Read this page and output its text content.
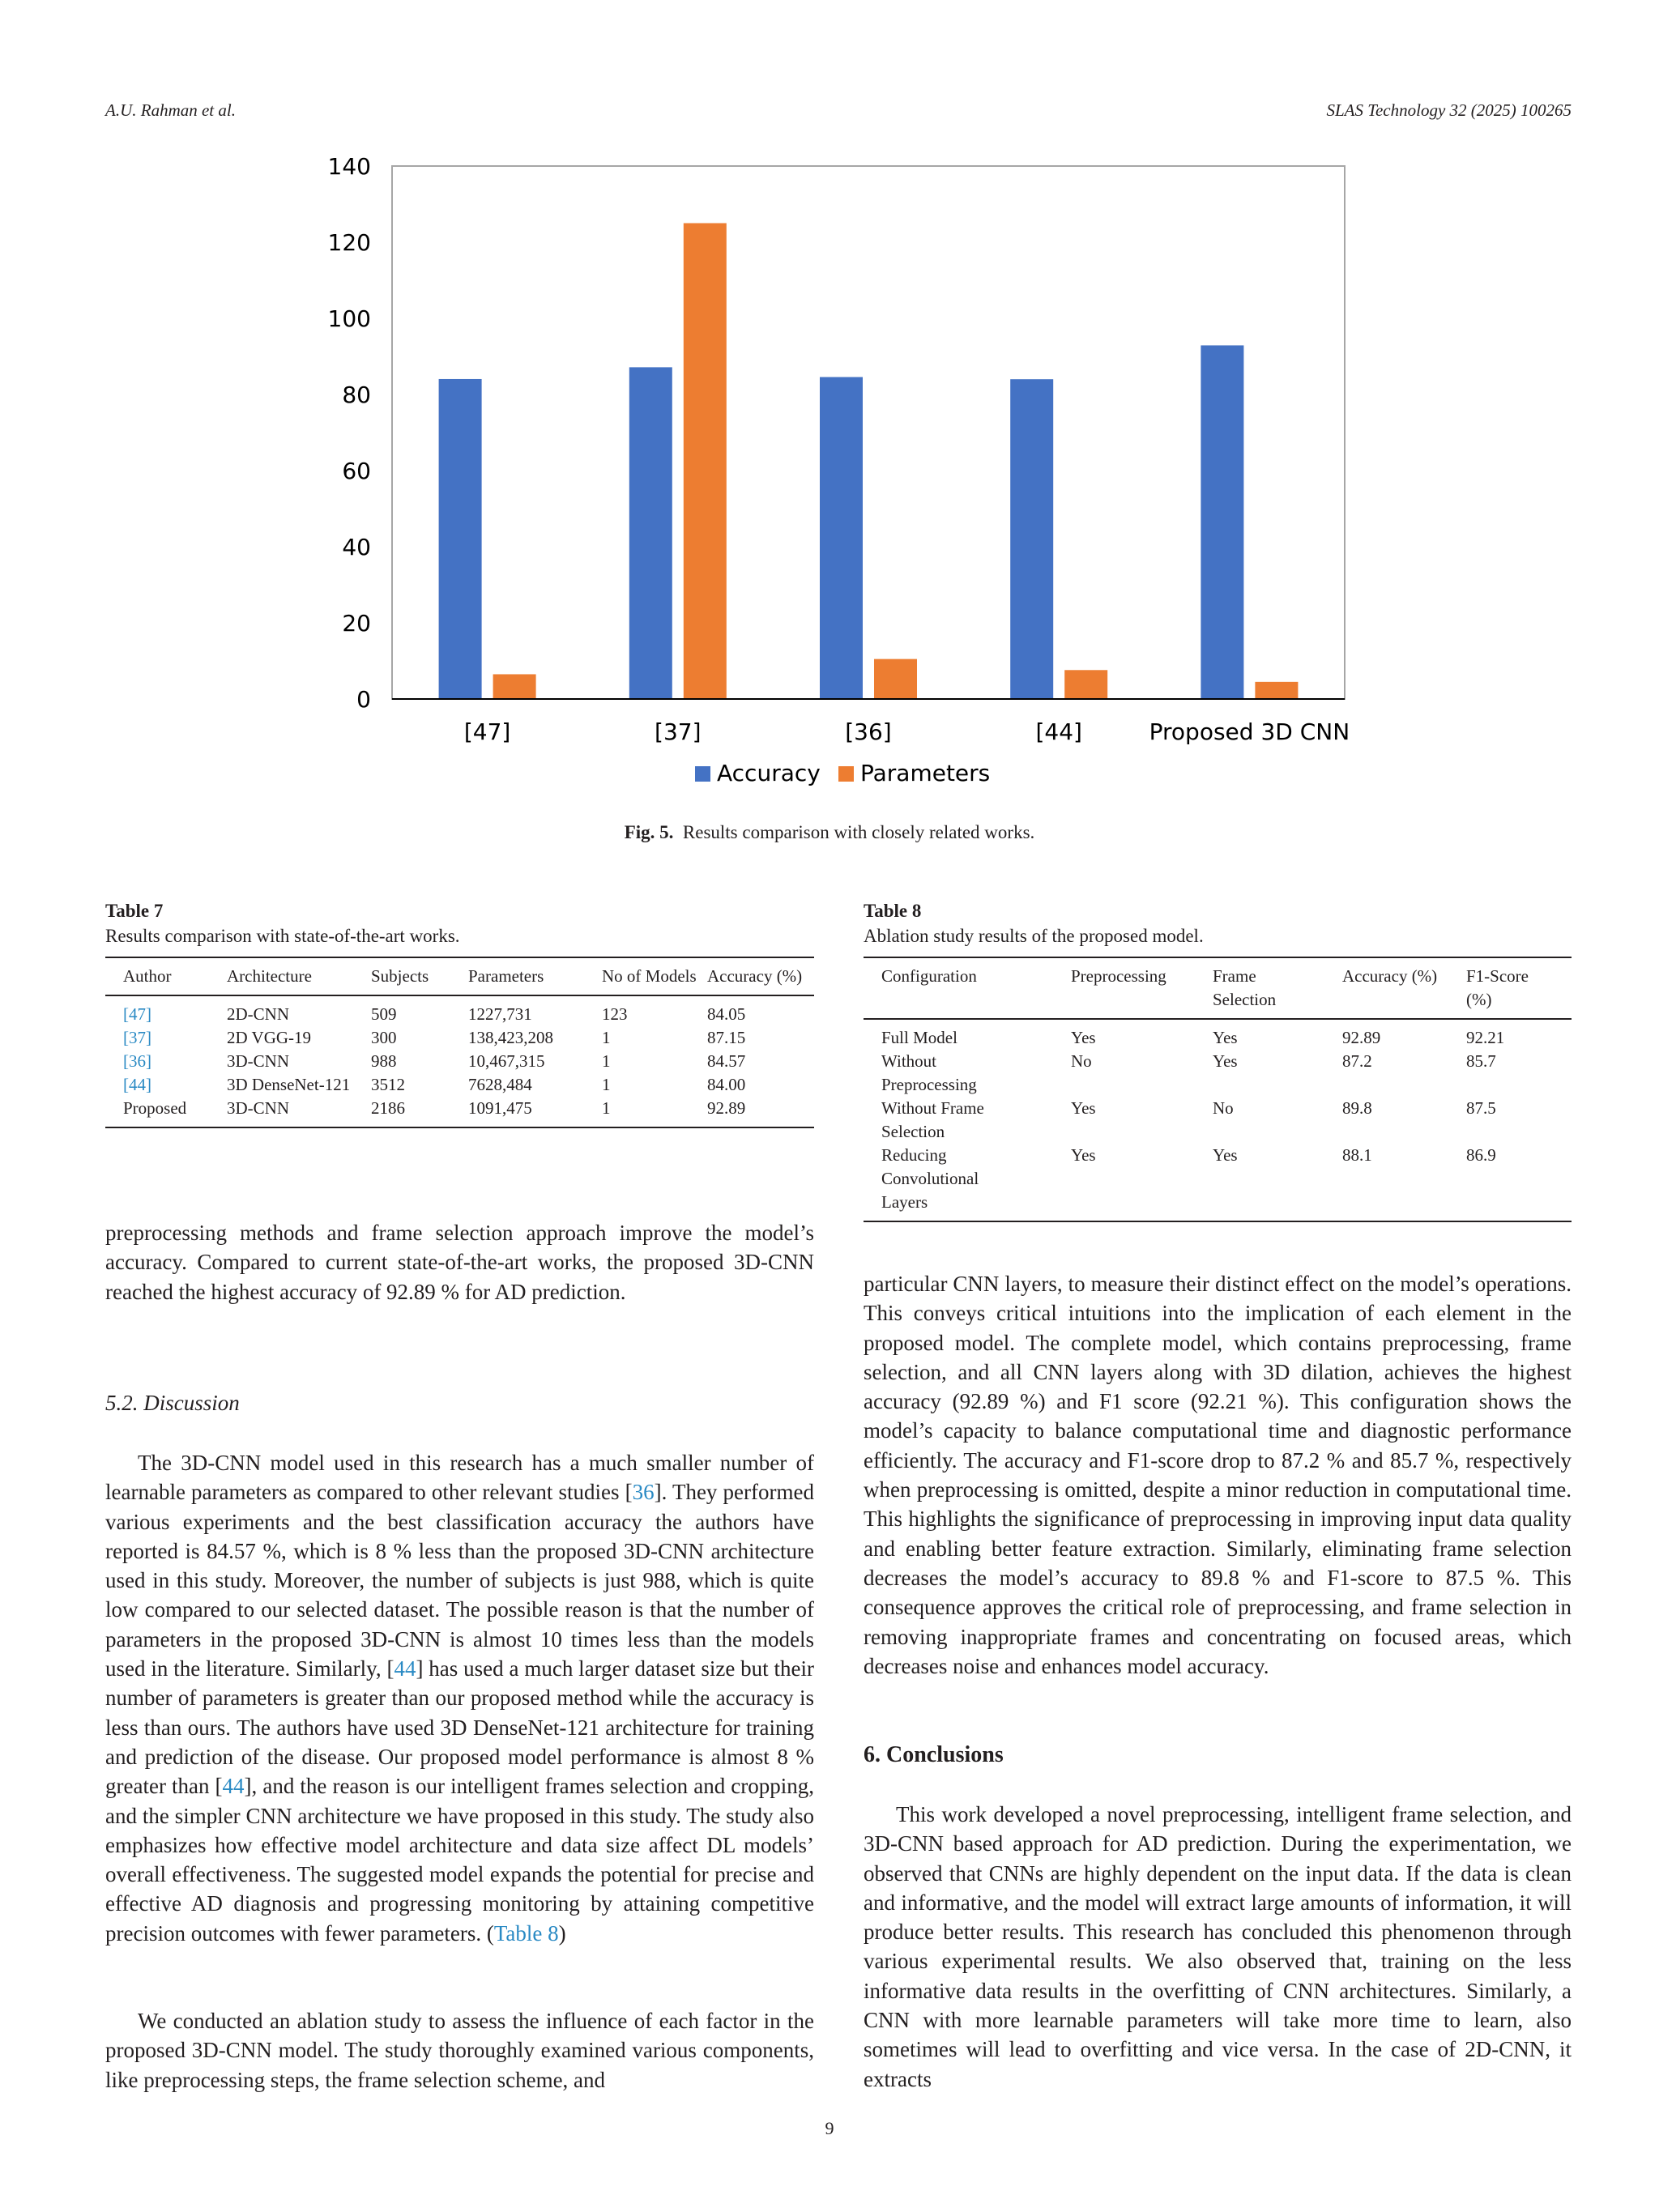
A.U. Rahman et al.	SLAS Technology 32 (2025) 100265
0
20
40
60
80
100
120
140
[47]	[37]	[36]	[44]	Proposed 3D CNN
Accuracy Parameters
Fig. 5. Results comparison with closely related works.
Table 7
Results comparison with state-of-the-art works.
Author	Architecture	Subjects	Parameters	No of Models	Accuracy (%)
[47]	2D-CNN	509	1227,731	123	84.05
[37]	2D VGG-19	300	138,423,208	1	87.15
[36]	3D-CNN	988	10,467,315	1	84.57
[44]	3D DenseNet-121	3512	7628,484	1	84.00
Proposed	3D-CNN	2186	1091,475	1	92.89
Table 8
Ablation study results of the proposed model.
Configuration	Preprocessing	Frame Selection	Accuracy (%)	F1-Score (%)
Full Model	Yes	Yes	92.89	92.21
Without Preprocessing	No	Yes	87.2	85.7
Without Frame Selection	Yes	No	89.8	87.5
Reducing Convolutional Layers	Yes	Yes	88.1	86.9

preprocessing methods and frame selection approach improve the model’s accuracy. Compared to current state-of-the-art works, the proposed 3D-CNN reached the highest accuracy of 92.89 % for AD prediction.

5.2. Discussion

The 3D-CNN model used in this research has a much smaller number of learnable parameters as compared to other relevant studies [36]. They performed various experiments and the best classification accuracy the authors have reported is 84.57 %, which is 8 % less than the proposed 3D-CNN architecture used in this study. Moreover, the number of subjects is just 988, which is quite low compared to our selected dataset. The possible reason is that the number of parameters in the proposed 3D-CNN is almost 10 times less than the models used in the literature. Similarly, [44] has used a much larger dataset size but their number of parameters is greater than our proposed method while the accuracy is less than ours. The authors have used 3D DenseNet-121 architecture for training and prediction of the disease. Our proposed model performance is almost 8 % greater than [44], and the reason is our intelligent frames selection and cropping, and the simpler CNN architecture we have proposed in this study. The study also emphasizes how effective model architecture and data size affect DL models’ overall effectiveness. The suggested model expands the potential for precise and effective AD diagnosis and progressing monitoring by attaining competitive precision outcomes with fewer parameters. (Table 8)

We conducted an ablation study to assess the influence of each factor in the proposed 3D-CNN model. The study thoroughly examined various components, like preprocessing steps, the frame selection scheme, and

particular CNN layers, to measure their distinct effect on the model’s operations. This conveys critical intuitions into the implication of each element in the proposed model. The complete model, which contains preprocessing, frame selection, and all CNN layers along with 3D dilation, achieves the highest accuracy (92.89 %) and F1 score (92.21 %). This configuration shows the model’s capacity to balance computational time and diagnostic performance efficiently. The accuracy and F1-score drop to 87.2 % and 85.7 %, respectively when preprocessing is omitted, despite a minor reduction in computational time. This highlights the significance of preprocessing in improving input data quality and enabling better feature extraction. Similarly, eliminating frame selection decreases the model’s accuracy to 89.8 % and F1-score to 87.5 %. This consequence approves the critical role of preprocessing, and frame selection in removing inappropriate frames and concentrating on focused areas, which decreases noise and enhances model accuracy.

6. Conclusions

This work developed a novel preprocessing, intelligent frame selection, and 3D-CNN based approach for AD prediction. During the experimentation, we observed that CNNs are highly dependent on the input data. If the data is clean and informative, and the model will extract large amounts of information, it will produce better results. This research has concluded this phenomenon through various experimental results. We also observed that, training on the less informative data results in the overfitting of CNN architectures. Similarly, a CNN with more learnable parameters will take more time to learn, also sometimes will lead to overfitting and vice versa. In the case of 2D-CNN, it extracts

9
